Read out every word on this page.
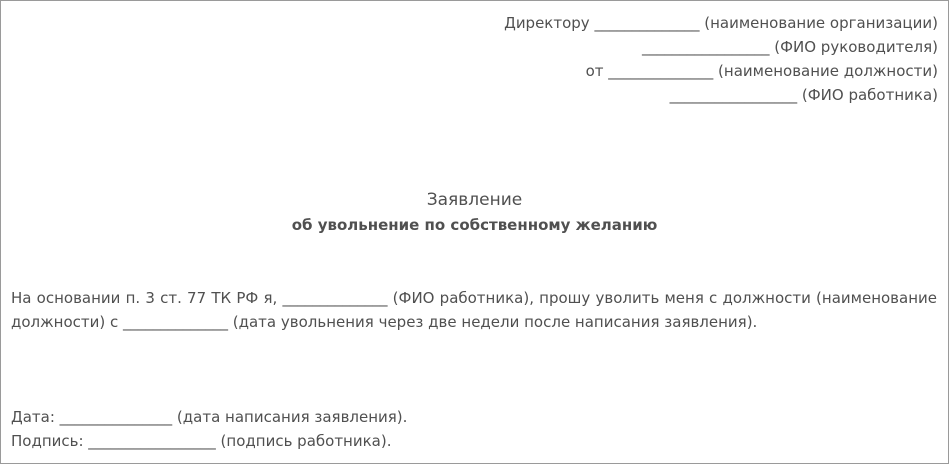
Директору ______________ (наименование организации)
_________________ (ФИО руководителя)
от ______________ (наименование должности)
_________________ (ФИО работника)
Заявление
об увольнение по собственному желанию
На основании п. 3 ст. 77 ТК РФ я, ______________ (ФИО работника), прошу уволить меня с должности (наименование должности) с ______________ (дата увольнения через две недели после написания заявления).
Дата: _______________ (дата написания заявления).
Подпись: _________________ (подпись работника).
